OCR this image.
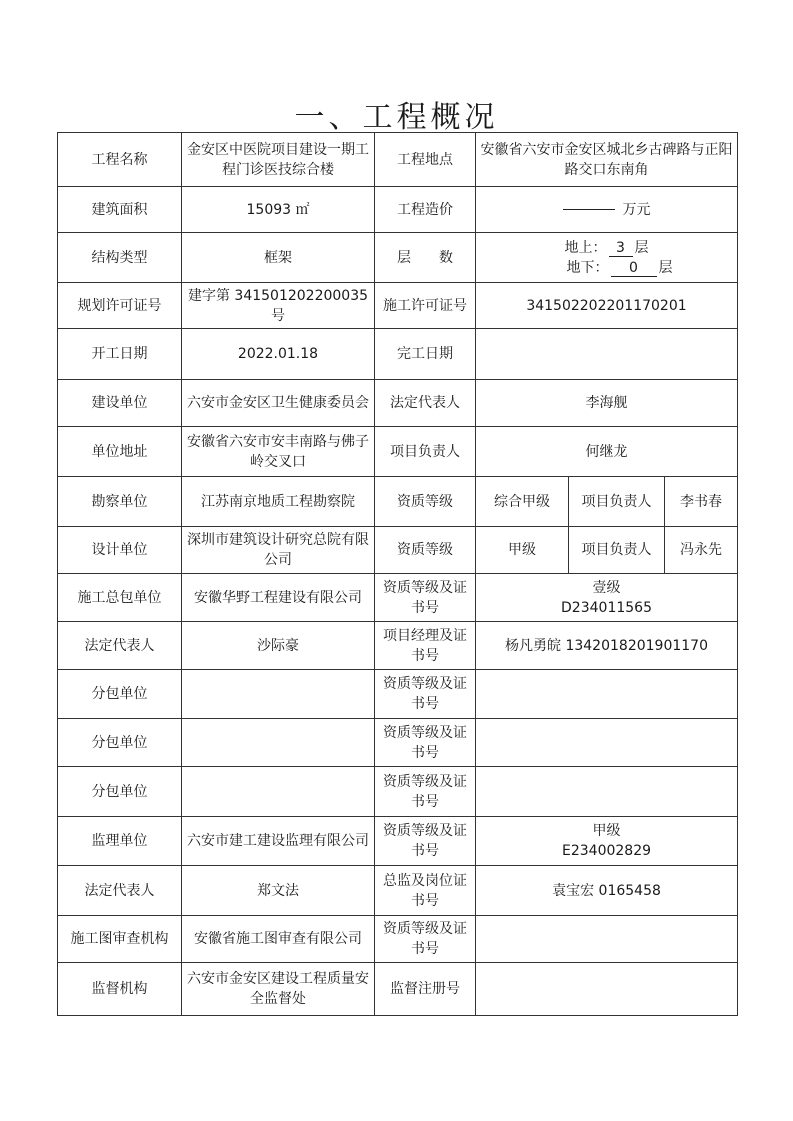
一、工程概况
工程名称	金安区中医院项目建设一期工程门诊医技综合楼	工程地点	安徽省六安市金安区城北乡古碑路与正阳路交口东南角		
建筑面积	15093 ㎡	工程造价	万元		
结构类型	框架	层　　数	地上： 3 层
地下： 0 层		

规划许可证号	建字第 341501202200035 号	施工许可证号	341502202201170201		
开工日期	2022.01.18	完工日期			
建设单位	六安市金安区卫生健康委员会	法定代表人	李海舰		
单位地址	安徽省六安市安丰南路与佛子岭交叉口	项目负责人	何继龙		
勘察单位	江苏南京地质工程勘察院	资质等级	综合甲级	项目负责人	李书春
设计单位	深圳市建筑设计研究总院有限公司	资质等级	甲级	项目负责人	冯永先
施工总包单位	安徽华野工程建设有限公司	资质等级及证书号	壹级
D234011565		

法定代表人	沙际豪	项目经理及证书号	杨凡勇皖 1342018201901170		
分包单位		资质等级及证书号			
分包单位		资质等级及证书号			
分包单位		资质等级及证书号			
监理单位	六安市建工建设监理有限公司	资质等级及证书号	甲级
E234002829		

法定代表人	郑文法	总监及岗位证书号	袁宝宏 0165458		
施工图审查机构	安徽省施工图审查有限公司	资质等级及证书号			
监督机构	六安市金安区建设工程质量安全监督处	监督注册号			
